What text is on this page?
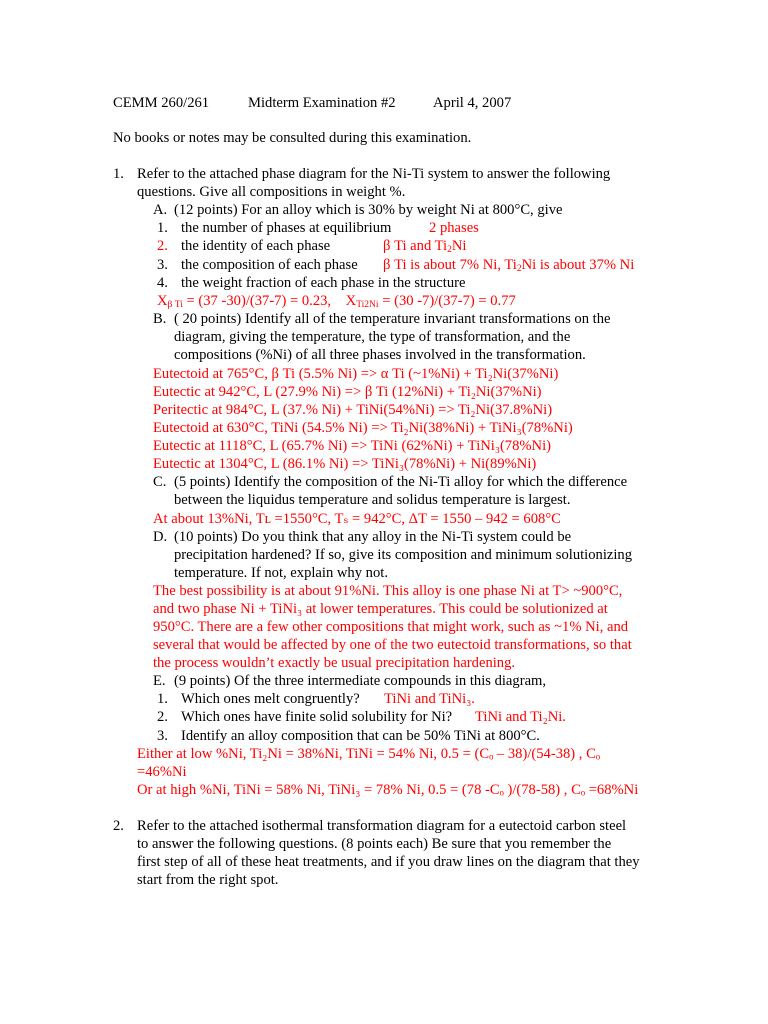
CEMM 260/261	Midterm Examination #2	April 4, 2007
No books or notes may be consulted during this examination.
1. Refer to the attached phase diagram for the Ni-Ti system to answer the following
questions. Give all compositions in weight %.
A. (12 points) For an alloy which is 30% by weight Ni at 800°C, give
1. the number of phases at equilibrium	2 phases
2. the identity of each phase	β Ti and $Ti_2Ni$
3. the composition of each phase β Ti is about 7% Ni, $Ti_2Ni$ is about 37% Ni
4. the weight fraction of each phase in the structure
$X_{\beta Ti} = (37$ -30)/(37-7) = 0.23, $X_{Ti2Ni} = (30$ -7)/(37-7) = 0.77
B. ( 20 points) Identify all of the temperature invariant transformations on the
diagram, giving the temperature, the type of transformation, and the
compositions (%Ni) of all three phases involved in the transformation.
Eutectoid at 765°C, β Ti (5.5% Ni) => α Ti (~1%Ni) + Ti₂Ni(37%Ni)
Eutectic at 942°C, L (27.9% Ni) => β Ti (12%Ni) + Ti₂Ni(37%Ni)
Peritectic at 984°C, L (37.% Ni) + TiNi(54%Ni) => Ti₂Ni(37.8%Ni)
Eutectoid at 630°C, TiNi (54.5% Ni) => Ti₂Ni(38%Ni) + TiNi₃(78%Ni)
Eutectic at 1118°C, L (65.7% Ni) => TiNi (62%Ni) + TiNi₃(78%Ni)
Eutectic at 1304°C, L (86.1% Ni) => TiNi₃(78%Ni) + Ni(89%Ni)
C. (5 points) Identify the composition of the Ni-Ti alloy for which the difference
between the liquidus temperature and solidus temperature is largest.
At about 13%Ni, Tʟ =1550°C, Tₛ = 942°C, ΔT = 1550 – 942 = 608°C
D. (10 points) Do you think that any alloy in the Ni-Ti system could be
precipitation hardened? If so, give its composition and minimum solutionizing
temperature. If not, explain why not.
The best possibility is at about 91%Ni. This alloy is one phase Ni at T> ~900°C,
and two phase Ni + TiNi₃ at lower temperatures. This could be solutionized at
950°C. There are a few other compositions that might work, such as ~1% Ni, and
several that would be affected by one of the two eutectoid transformations, so that
the process wouldn’t exactly be usual precipitation hardening.
E. (9 points) Of the three intermediate compounds in this diagram,
1. Which ones melt congruently? TiNi and TiNi₃.
2. Which ones have finite solid solubility for Ni? TiNi and Ti₂Ni.
3. Identify an alloy composition that can be 50% TiNi at 800°C.
Either at low %Ni, Ti₂Ni = 38%Ni, TiNi = 54% Ni, 0.5 = (Cₒ – 38)/(54-38) , Cₒ
=46%Ni
Or at high %Ni, TiNi = 58% Ni, TiNi₃ = 78% Ni, 0.5 = (78 -Cₒ )/(78-58) , Cₒ =68%Ni
2. Refer to the attached isothermal transformation diagram for a eutectoid carbon steel
to answer the following questions. (8 points each) Be sure that you remember the
first step of all of these heat treatments, and if you draw lines on the diagram that they
start from the right spot.
